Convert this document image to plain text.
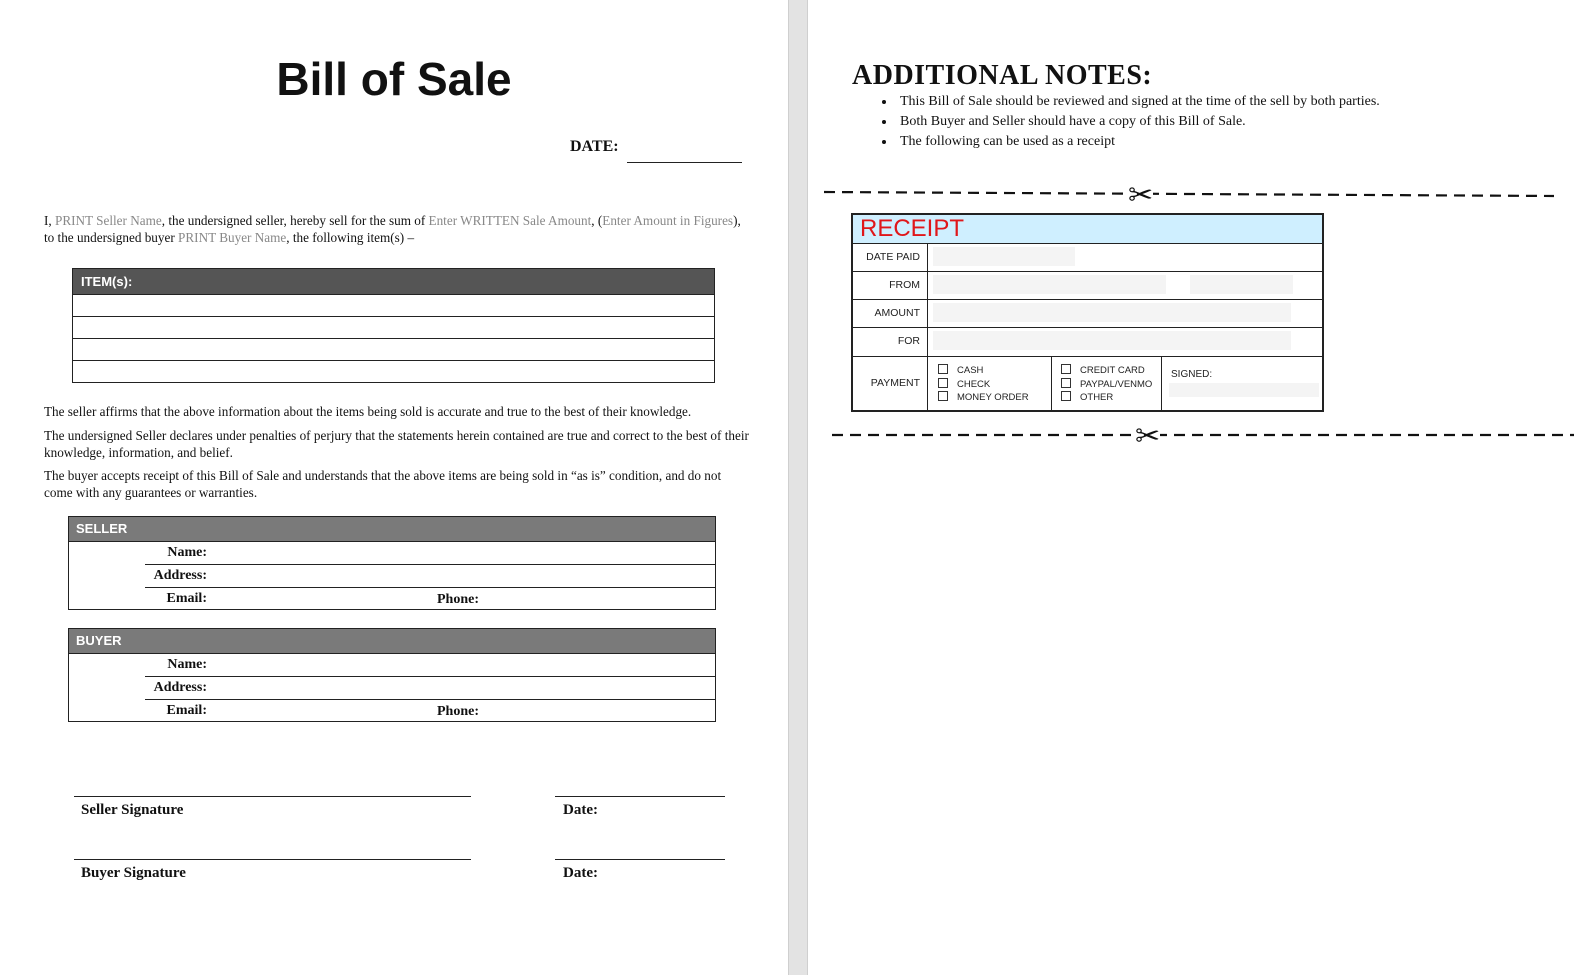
Bill of Sale
DATE:
I, PRINT Seller Name, the undersigned seller, hereby sell for the sum of Enter WRITTEN Sale Amount, (Enter Amount in Figures), to the undersigned buyer PRINT Buyer Name, the following item(s) –
ITEM(s):

The seller affirms that the above information about the items being sold is accurate and true to the best of their knowledge.

The undersigned Seller declares under penalties of perjury that the statements herein contained are true and correct to the best of their knowledge, information, and belief.

The buyer accepts receipt of this Bill of Sale and understands that the above items are being sold in “as is” condition, and do not come with any guarantees or warranties.

SELLER
Name:
Address:
Email:	Phone:
BUYER
Name:
Address:
Email:	Phone:
Seller Signature	Date:
Buyer Signature	Date:
ADDITIONAL NOTES:
• This Bill of Sale should be reviewed and signed at the time of the sell by both parties.
• Both Buyer and Seller should have a copy of this Bill of Sale.
• The following can be used as a receipt
✂
RECEIPT
DATE PAID
FROM
AMOUNT
FOR
PAYMENT
CASH
CHECK
MONEY ORDER
CREDIT CARD
PAYPAL/VENMO
OTHER
SIGNED:
✂
